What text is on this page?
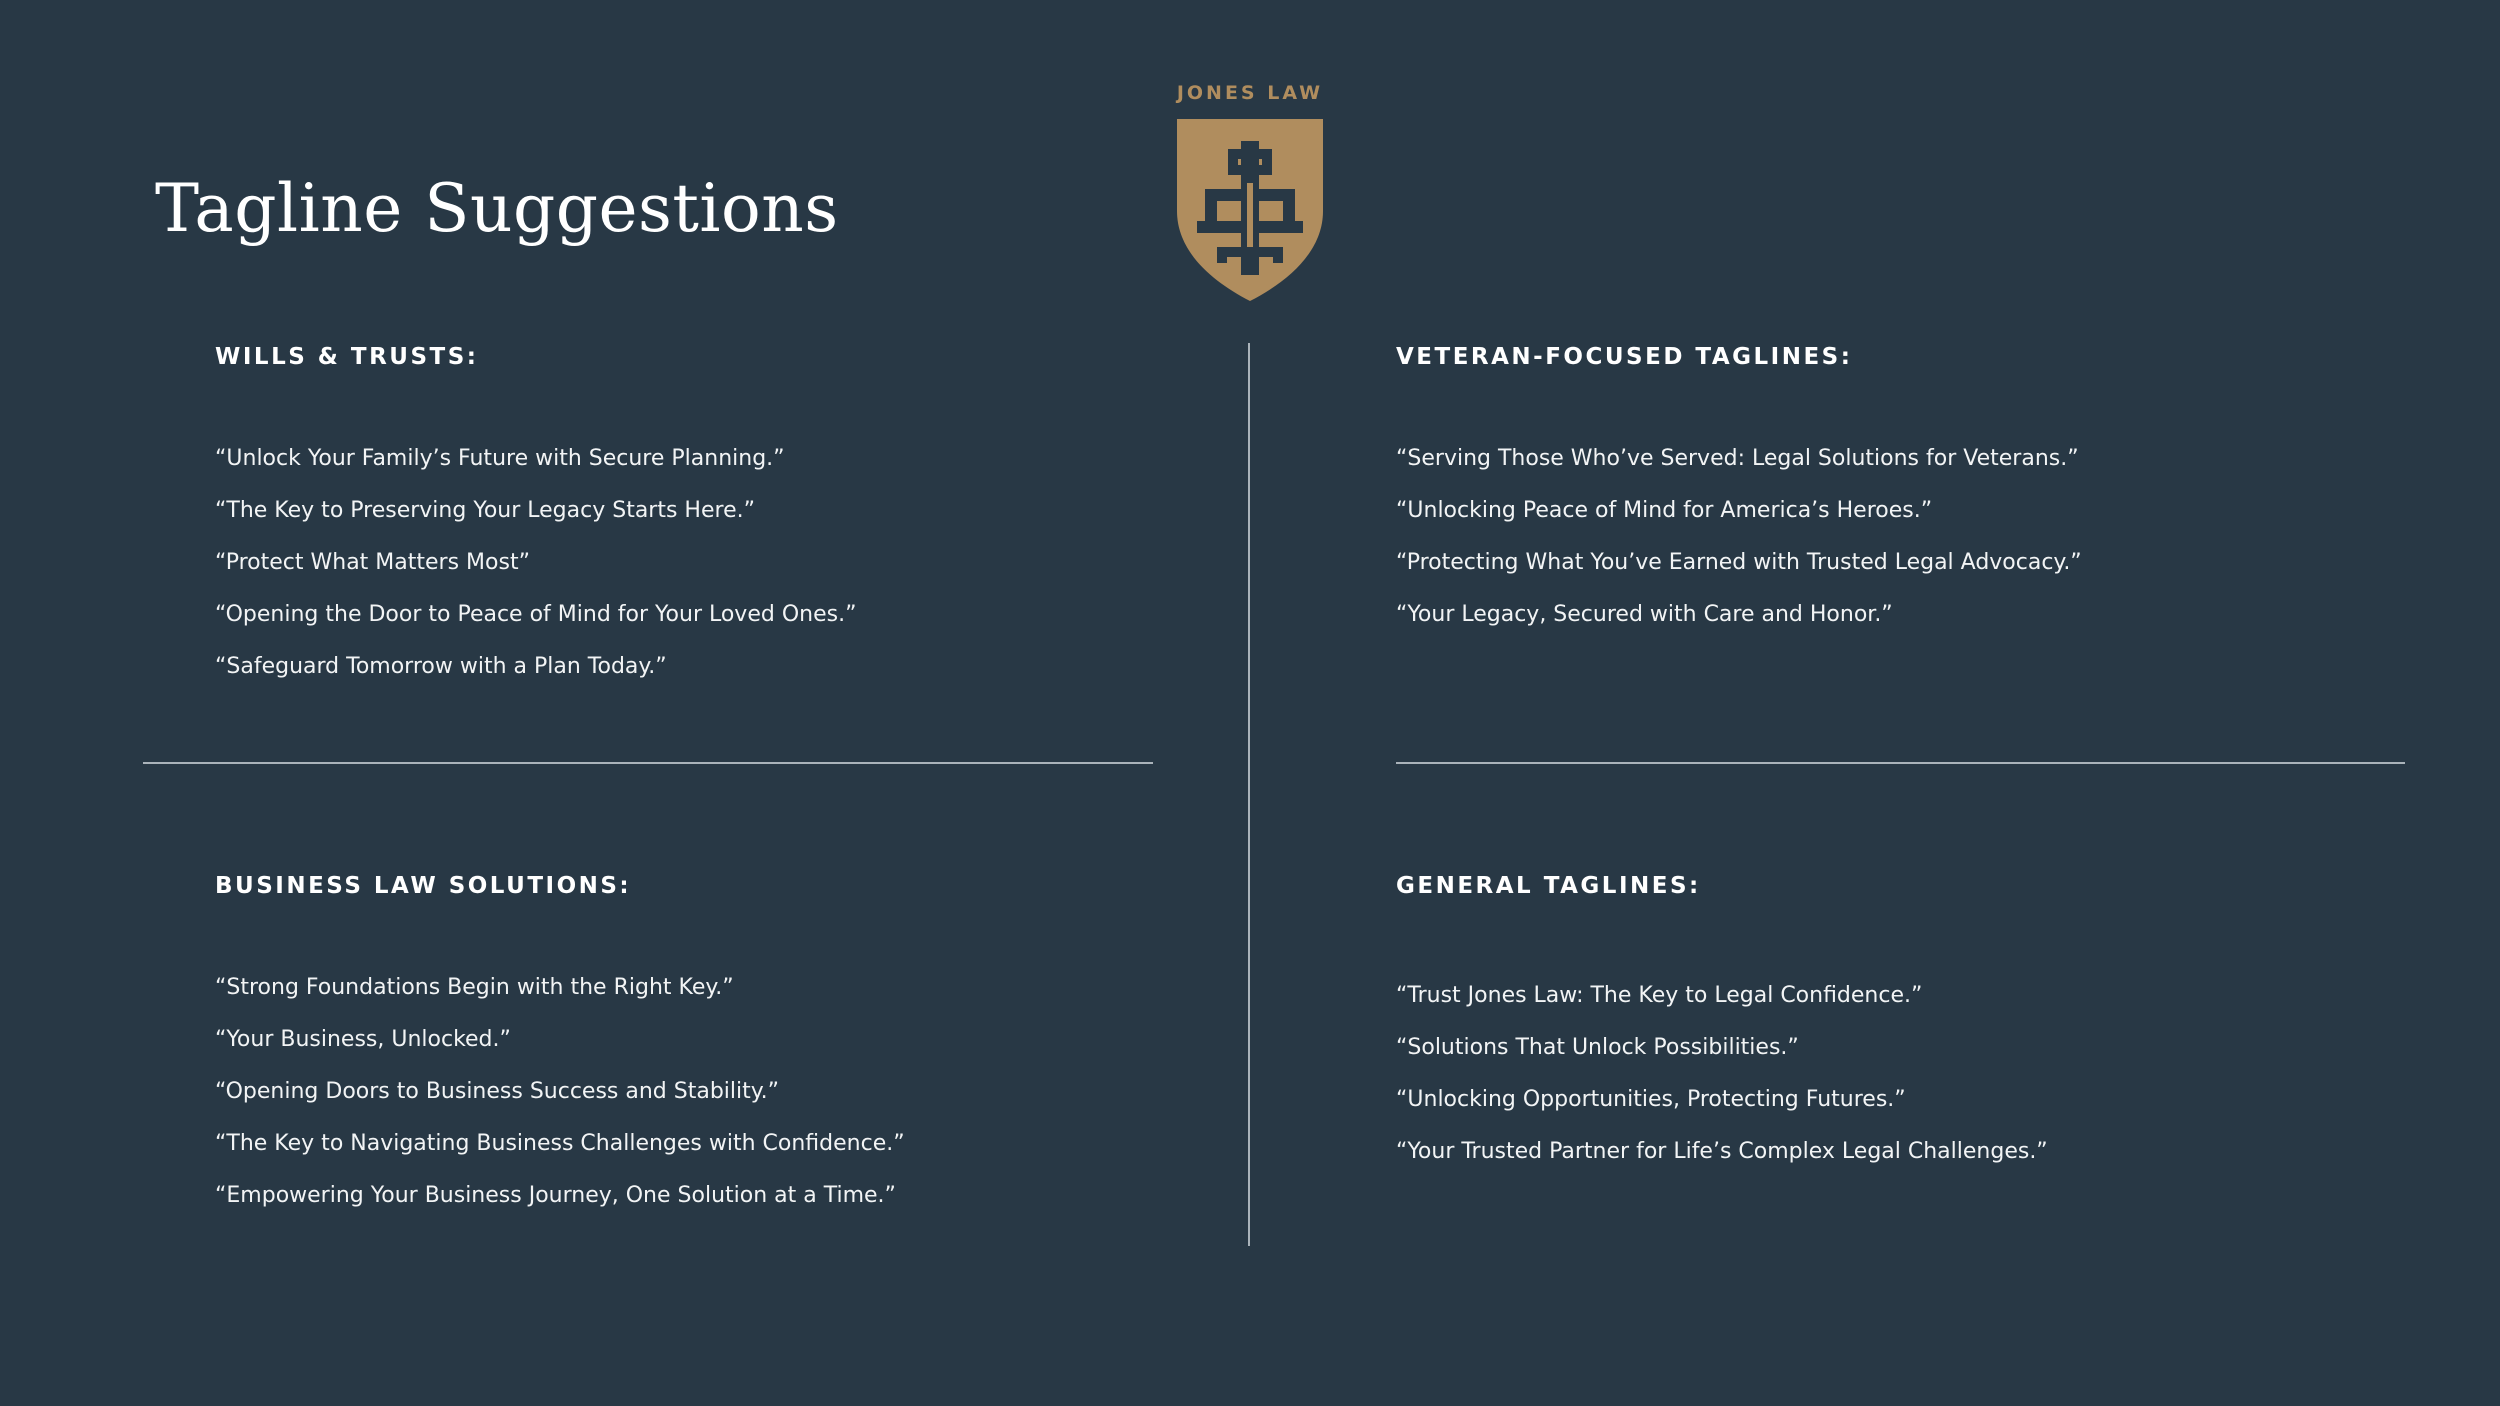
Tagline Suggestions
JONES LAW
WILLS & TRUSTS:
“Unlock Your Family’s Future with Secure Planning.”
“The Key to Preserving Your Legacy Starts Here.”
“Protect What Matters Most”
“Opening the Door to Peace of Mind for Your Loved Ones.”
“Safeguard Tomorrow with a Plan Today.”
VETERAN-FOCUSED TAGLINES:
“Serving Those Who’ve Served: Legal Solutions for Veterans.”
“Unlocking Peace of Mind for America’s Heroes.”
“Protecting What You’ve Earned with Trusted Legal Advocacy.”
“Your Legacy, Secured with Care and Honor.”
BUSINESS LAW SOLUTIONS:
“Strong Foundations Begin with the Right Key.”
“Your Business, Unlocked.”
“Opening Doors to Business Success and Stability.”
“The Key to Navigating Business Challenges with Confidence.”
“Empowering Your Business Journey, One Solution at a Time.”
GENERAL TAGLINES:
“Trust Jones Law: The Key to Legal Confidence.”
“Solutions That Unlock Possibilities.”
“Unlocking Opportunities, Protecting Futures.”
“Your Trusted Partner for Life’s Complex Legal Challenges.”
